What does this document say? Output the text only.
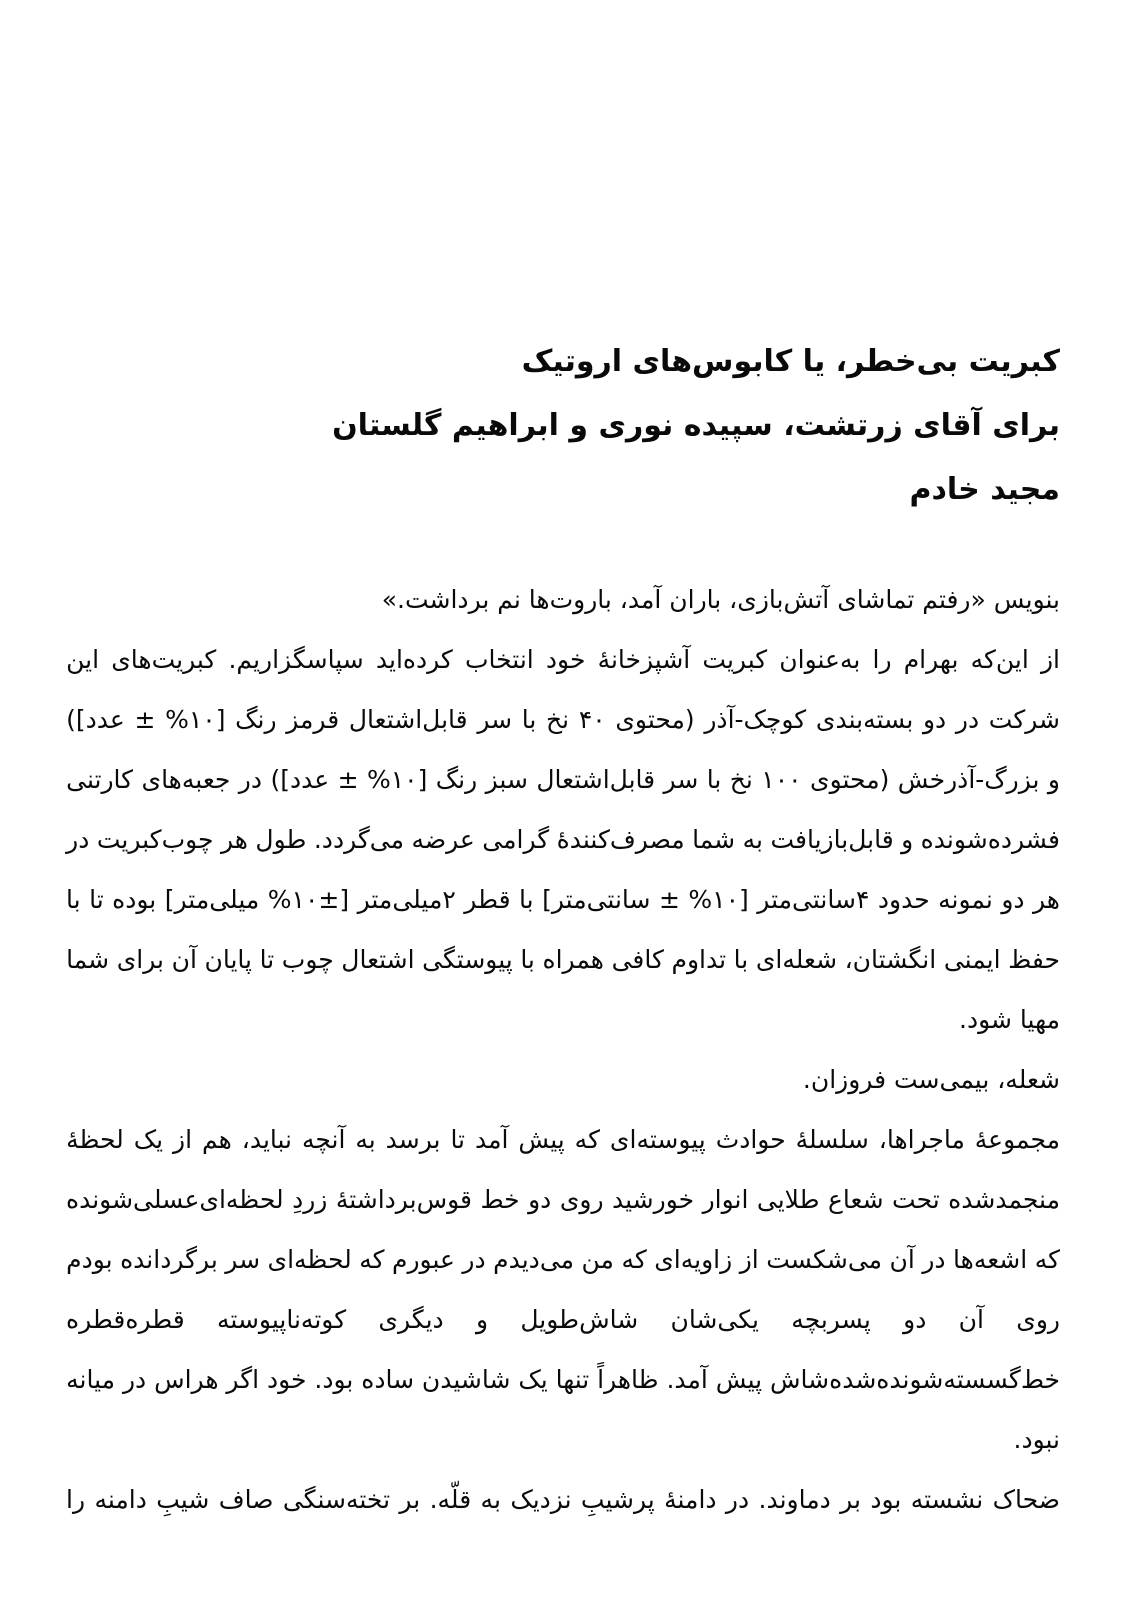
کبریت بی‌خطر، یا کابوس‌های اروتیک
برای آقای زرتشت، سپیده نوری و ابراهیم گلستان
مجید خادم
بنویس «رفتم تماشای آتش‌بازی، باران آمد، باروت‌ها نم برداشت.»
از
این‌که
بهرام
را
به‌عنوان
کبریت
آشپزخانهٔ
خود
انتخاب
کرده‌اید
سپاسگزاریم.
کبریت‌های
این
شرکت
در
دو
بسته‌بندی
کوچک-آذر
(محتوی
۴۰
نخ
با
سر
قابل‌اشتعال
قرمز
رنگ
[%۱۰
±
عدد])
و
بزرگ-آذرخش
(محتوی
۱۰۰
نخ
با
سر
قابل‌اشتعال
سبز
رنگ
[%۱۰
±
عدد])
در
جعبه‌های
کارتنی
فشرده‌شونده
و
قابل‌بازیافت
به
شما
مصرف‌کنندهٔ
گرامی
عرضه
می‌گردد.
طول
هر
چوب‌کبریت
در
هر
دو
نمونه
حدود
۴سانتی‌متر
[%۱۰
±
سانتی‌متر]
با
قطر
۲میلی‌متر
[%۱۰±
میلی‌متر]
بوده
تا
با
حفظ
ایمنی
انگشتان،
شعله‌ای
با
تداوم
کافی
همراه
با
پیوستگی
اشتعال
چوب
تا
پایان
آن
برای
شما
مهیا شود.
شعله، بیمی‌ست فروزان.
مجموعهٔ
ماجراها،
سلسلهٔ
حوادث
پیوسته‌ای
که
پیش
آمد
تا
برسد
به
آنچه
نباید،
هم
از
یک
لحظهٔ
منجمدشده
تحت
شعاع
طلایی
انوار
خورشید
روی
دو
خط
قوس‌برداشتهٔ
زردِ
لحظه‌ای‌عسلی‌شونده
که
اشعه‌ها
در
آن
می‌شکست
از
زاویه‌ای
که
من
می‌دیدم
در
عبورم
که
لحظه‌ای
سر
برگردانده
بودم
روی
آن
دو
پسربچه
یکی‌شان
شاش‌طویل
و
دیگری
کوته‌ناپیوسته
قطره‌قطره
خط‌گسسته‌شونده‌شده‌شاش
پیش
آمد.
ظاهراً
تنها
یک
شاشیدن
ساده
بود.
خود
اگر
هراس
در
میانه
نبود.
ضحاک
نشسته
بود
بر
دماوند.
در
دامنهٔ
پرشیبِ
نزدیک
به
قلّه.
بر
تخته‌سنگی
صاف
شیبِ
دامنه
را
